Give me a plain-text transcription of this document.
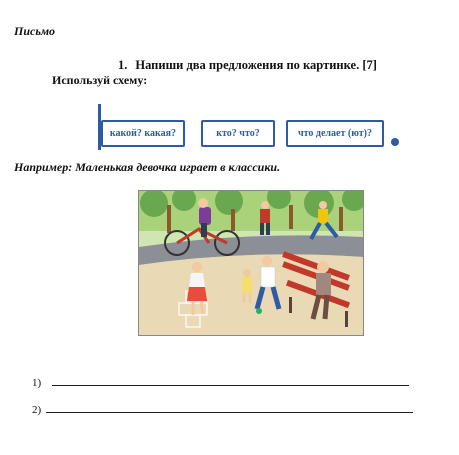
Письмо
1. Напиши два предложения по картинке. [7]
Используй схему:
какой? какая?	кто? что?	что делает (ют)?
Например: Маленькая девочка играет в классики.
1)
2)
